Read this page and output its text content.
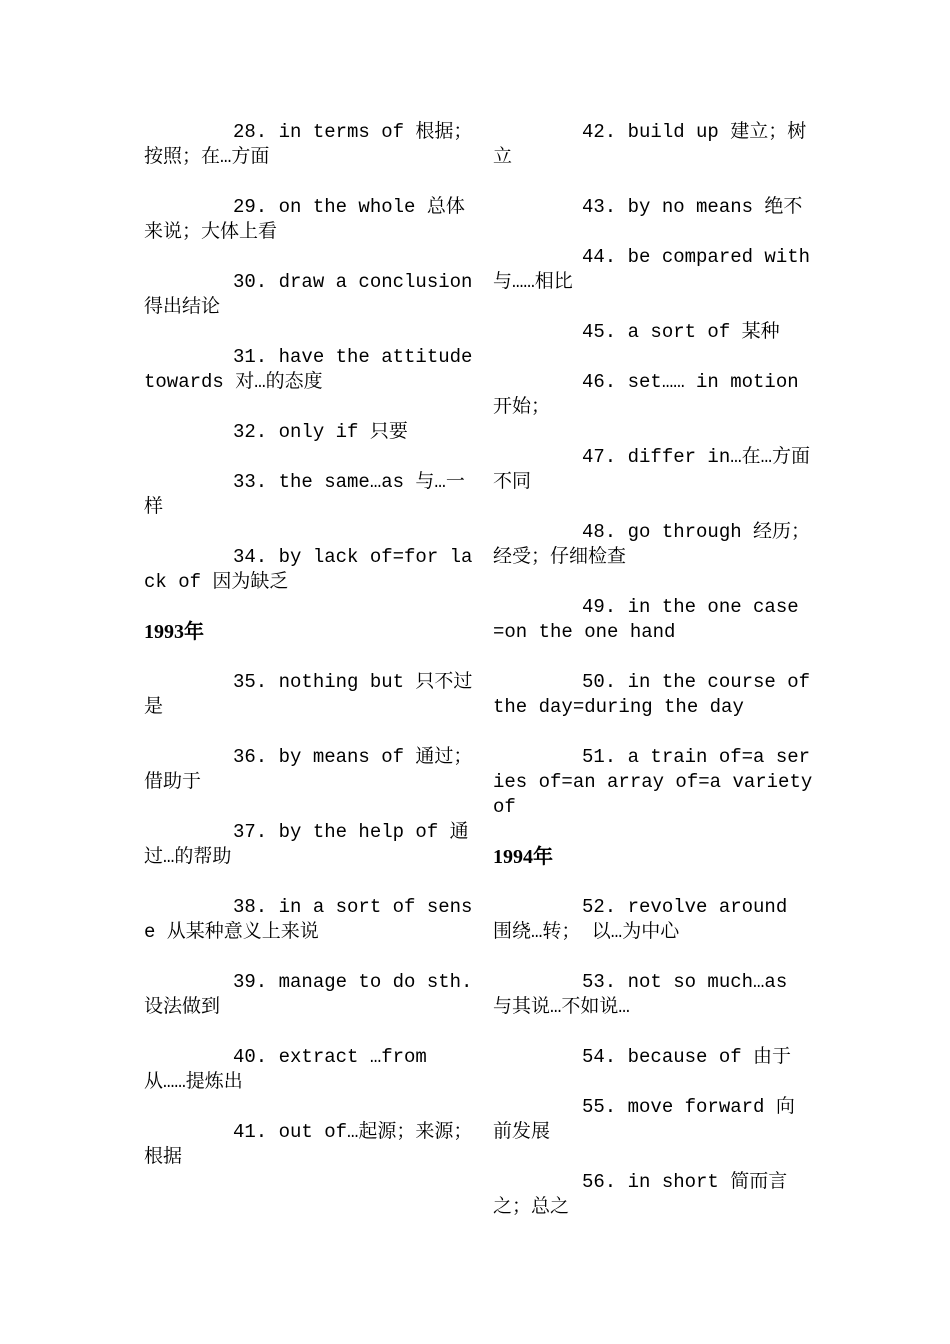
28. in terms of 根据；按照；在…方面

29. on the whole 总体来说；大体上看

30. draw a conclusion 得出结论

31. have the attitude towards 对…的态度

32. only if 只要

33. the same…as 与…一样

34. by lack of=for lack of 因为缺乏

1993年

35. nothing but 只不过是

36. by means of 通过；借助于

37. by the help of 通过…的帮助

38. in a sort of sense 从某种意义上来说

39. manage to do sth. 设法做到

40. extract …from 从……提炼出

41. out of…起源；来源；根据

42. build up 建立；树立

43. by no means 绝不

44. be compared with 与……相比

45. a sort of 某种

46. set…… in motion开始；

47. differ in…在…方面不同

48. go through 经历；经受；仔细检查

49. in the one case =on the one hand

50. in the course of the day=during the day

51. a train of=a series of=an array of=a variety of

1994年

52. revolve around 围绕…转； 以…为中心

53. not so much…as 与其说…不如说…

54. because of 由于

55. move forward 向前发展

56. in short 简而言之；总之
